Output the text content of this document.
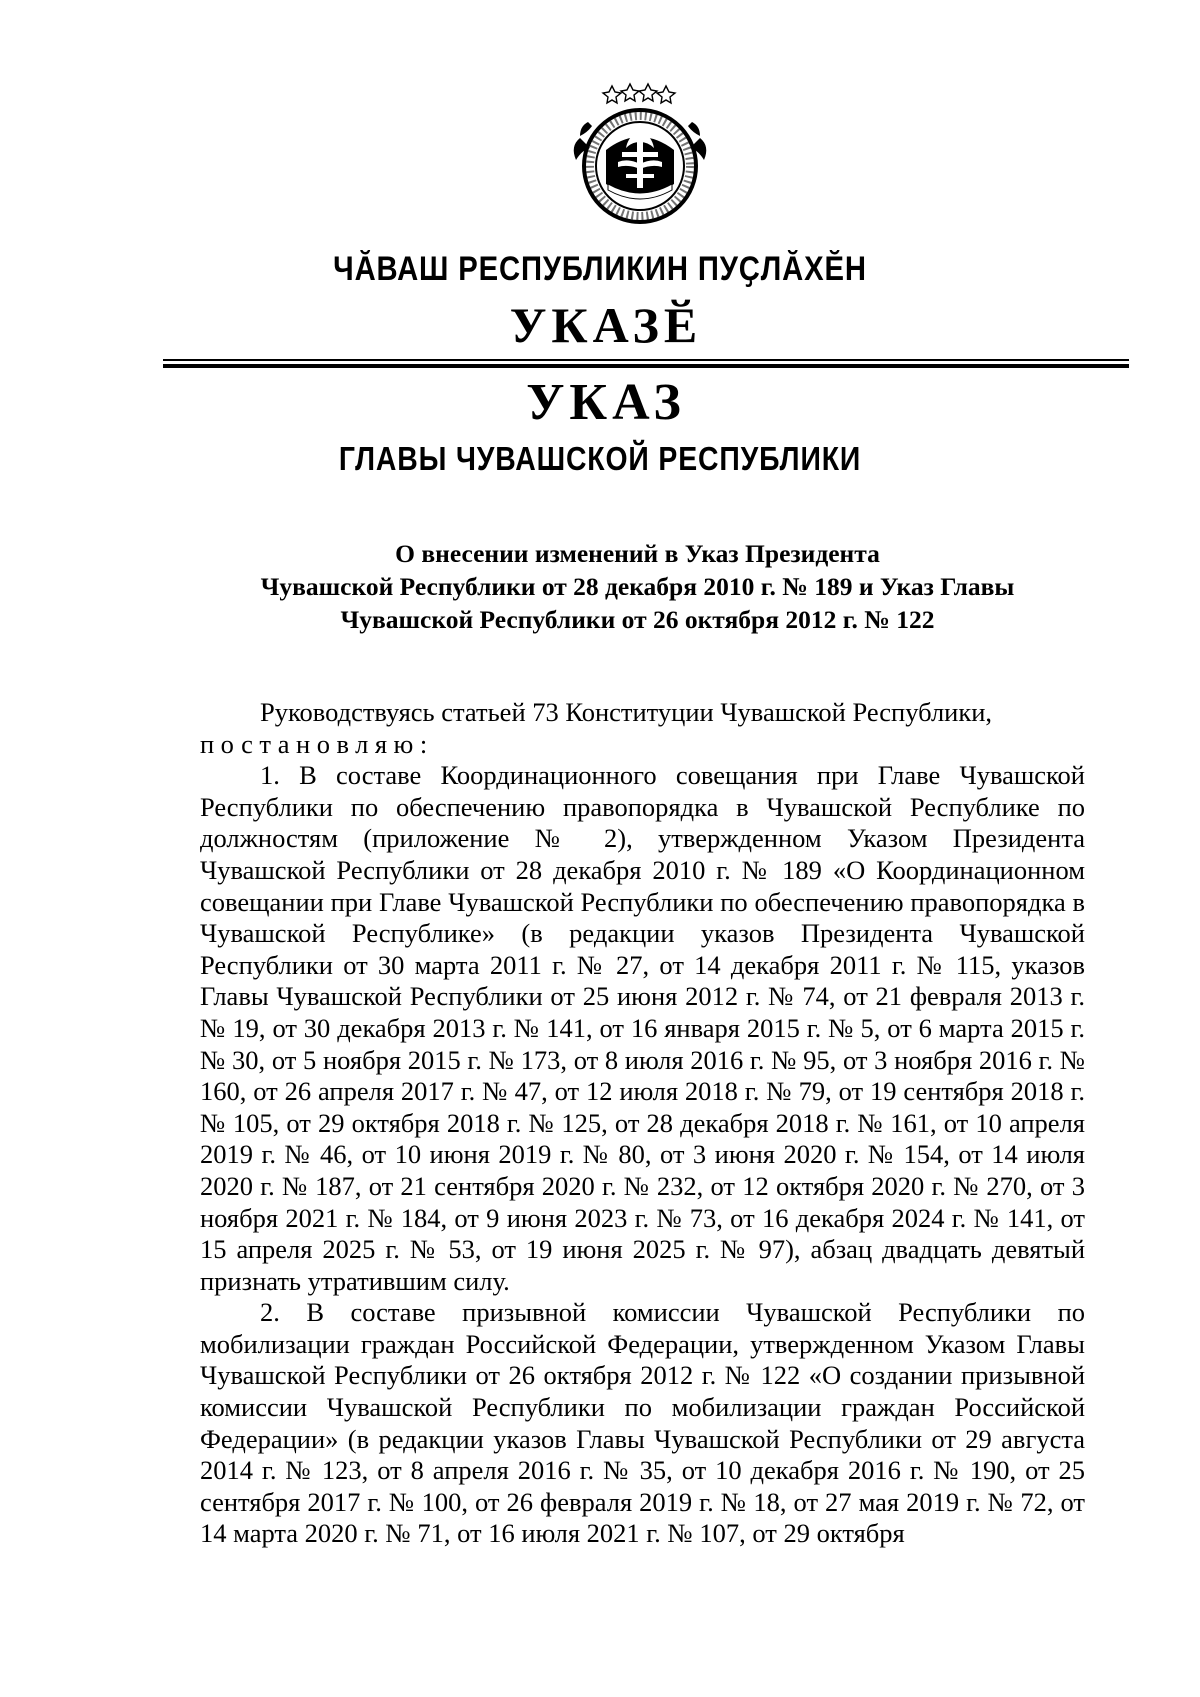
ЧӐВАШ РЕСПУБЛИКИН ПУҪЛӐХӖН
УКАЗӖ
УКАЗ
ГЛАВЫ ЧУВАШСКОЙ РЕСПУБЛИКИ
О внесении изменений в Указ Президента
Чувашской Республики от 28 декабря 2010 г. № 189 и Указ Главы
Чувашской Республики от 26 октября 2012 г. № 122

Руководствуясь статьей 73 Конституции Чувашской Республики,

постановляю:

1. В составе Координационного совещания при Главе Чувашской Республики по обеспечению правопорядка в Чувашской Республике по должностям (приложение № 2), утвержденном Указом Президента Чувашской Республики от 28 декабря 2010 г. № 189 «О Координационном совещании при Главе Чувашской Республики по обеспечению правопорядка в Чувашской Республике» (в редакции указов Президента Чувашской Республики от 30 марта 2011 г. № 27, от 14 декабря 2011 г. № 115, указов Главы Чувашской Республики от 25 июня 2012 г. № 74, от 21 февраля 2013 г. № 19, от 30 декабря 2013 г. № 141, от 16 января 2015 г. № 5, от 6 марта 2015 г. № 30, от 5 ноября 2015 г. № 173, от 8 июля 2016 г. № 95, от 3 ноября 2016 г. № 160, от 26 апреля 2017 г. № 47, от 12 июля 2018 г. № 79, от 19 сентября 2018 г. № 105, от 29 октября 2018 г. № 125, от 28 декабря 2018 г. № 161, от 10 апреля 2019 г. № 46, от 10 июня 2019 г. № 80, от 3 июня 2020 г. № 154, от 14 июля 2020 г. № 187, от 21 сентября 2020 г. № 232, от 12 октября 2020 г. № 270, от 3 ноября 2021 г. № 184, от 9 июня 2023 г. № 73, от 16 декабря 2024 г. № 141, от 15 апреля 2025 г. № 53, от 19 июня 2025 г. № 97), абзац двадцать девятый признать утратившим силу.

2. В составе призывной комиссии Чувашской Республики по мобилизации граждан Российской Федерации, утвержденном Указом Главы Чувашской Республики от 26 октября 2012 г. № 122 «О создании призывной комиссии Чувашской Республики по мобилизации граждан Российской Федерации» (в редакции указов Главы Чувашской Республики от 29 августа 2014 г. № 123, от 8 апреля 2016 г. № 35, от 10 декабря 2016 г. № 190, от 25 сентября 2017 г. № 100, от 26 февраля 2019 г. № 18, от 27 мая 2019 г. № 72, от 14 марта 2020 г. № 71, от 16 июля 2021 г. № 107, от 29 октября
